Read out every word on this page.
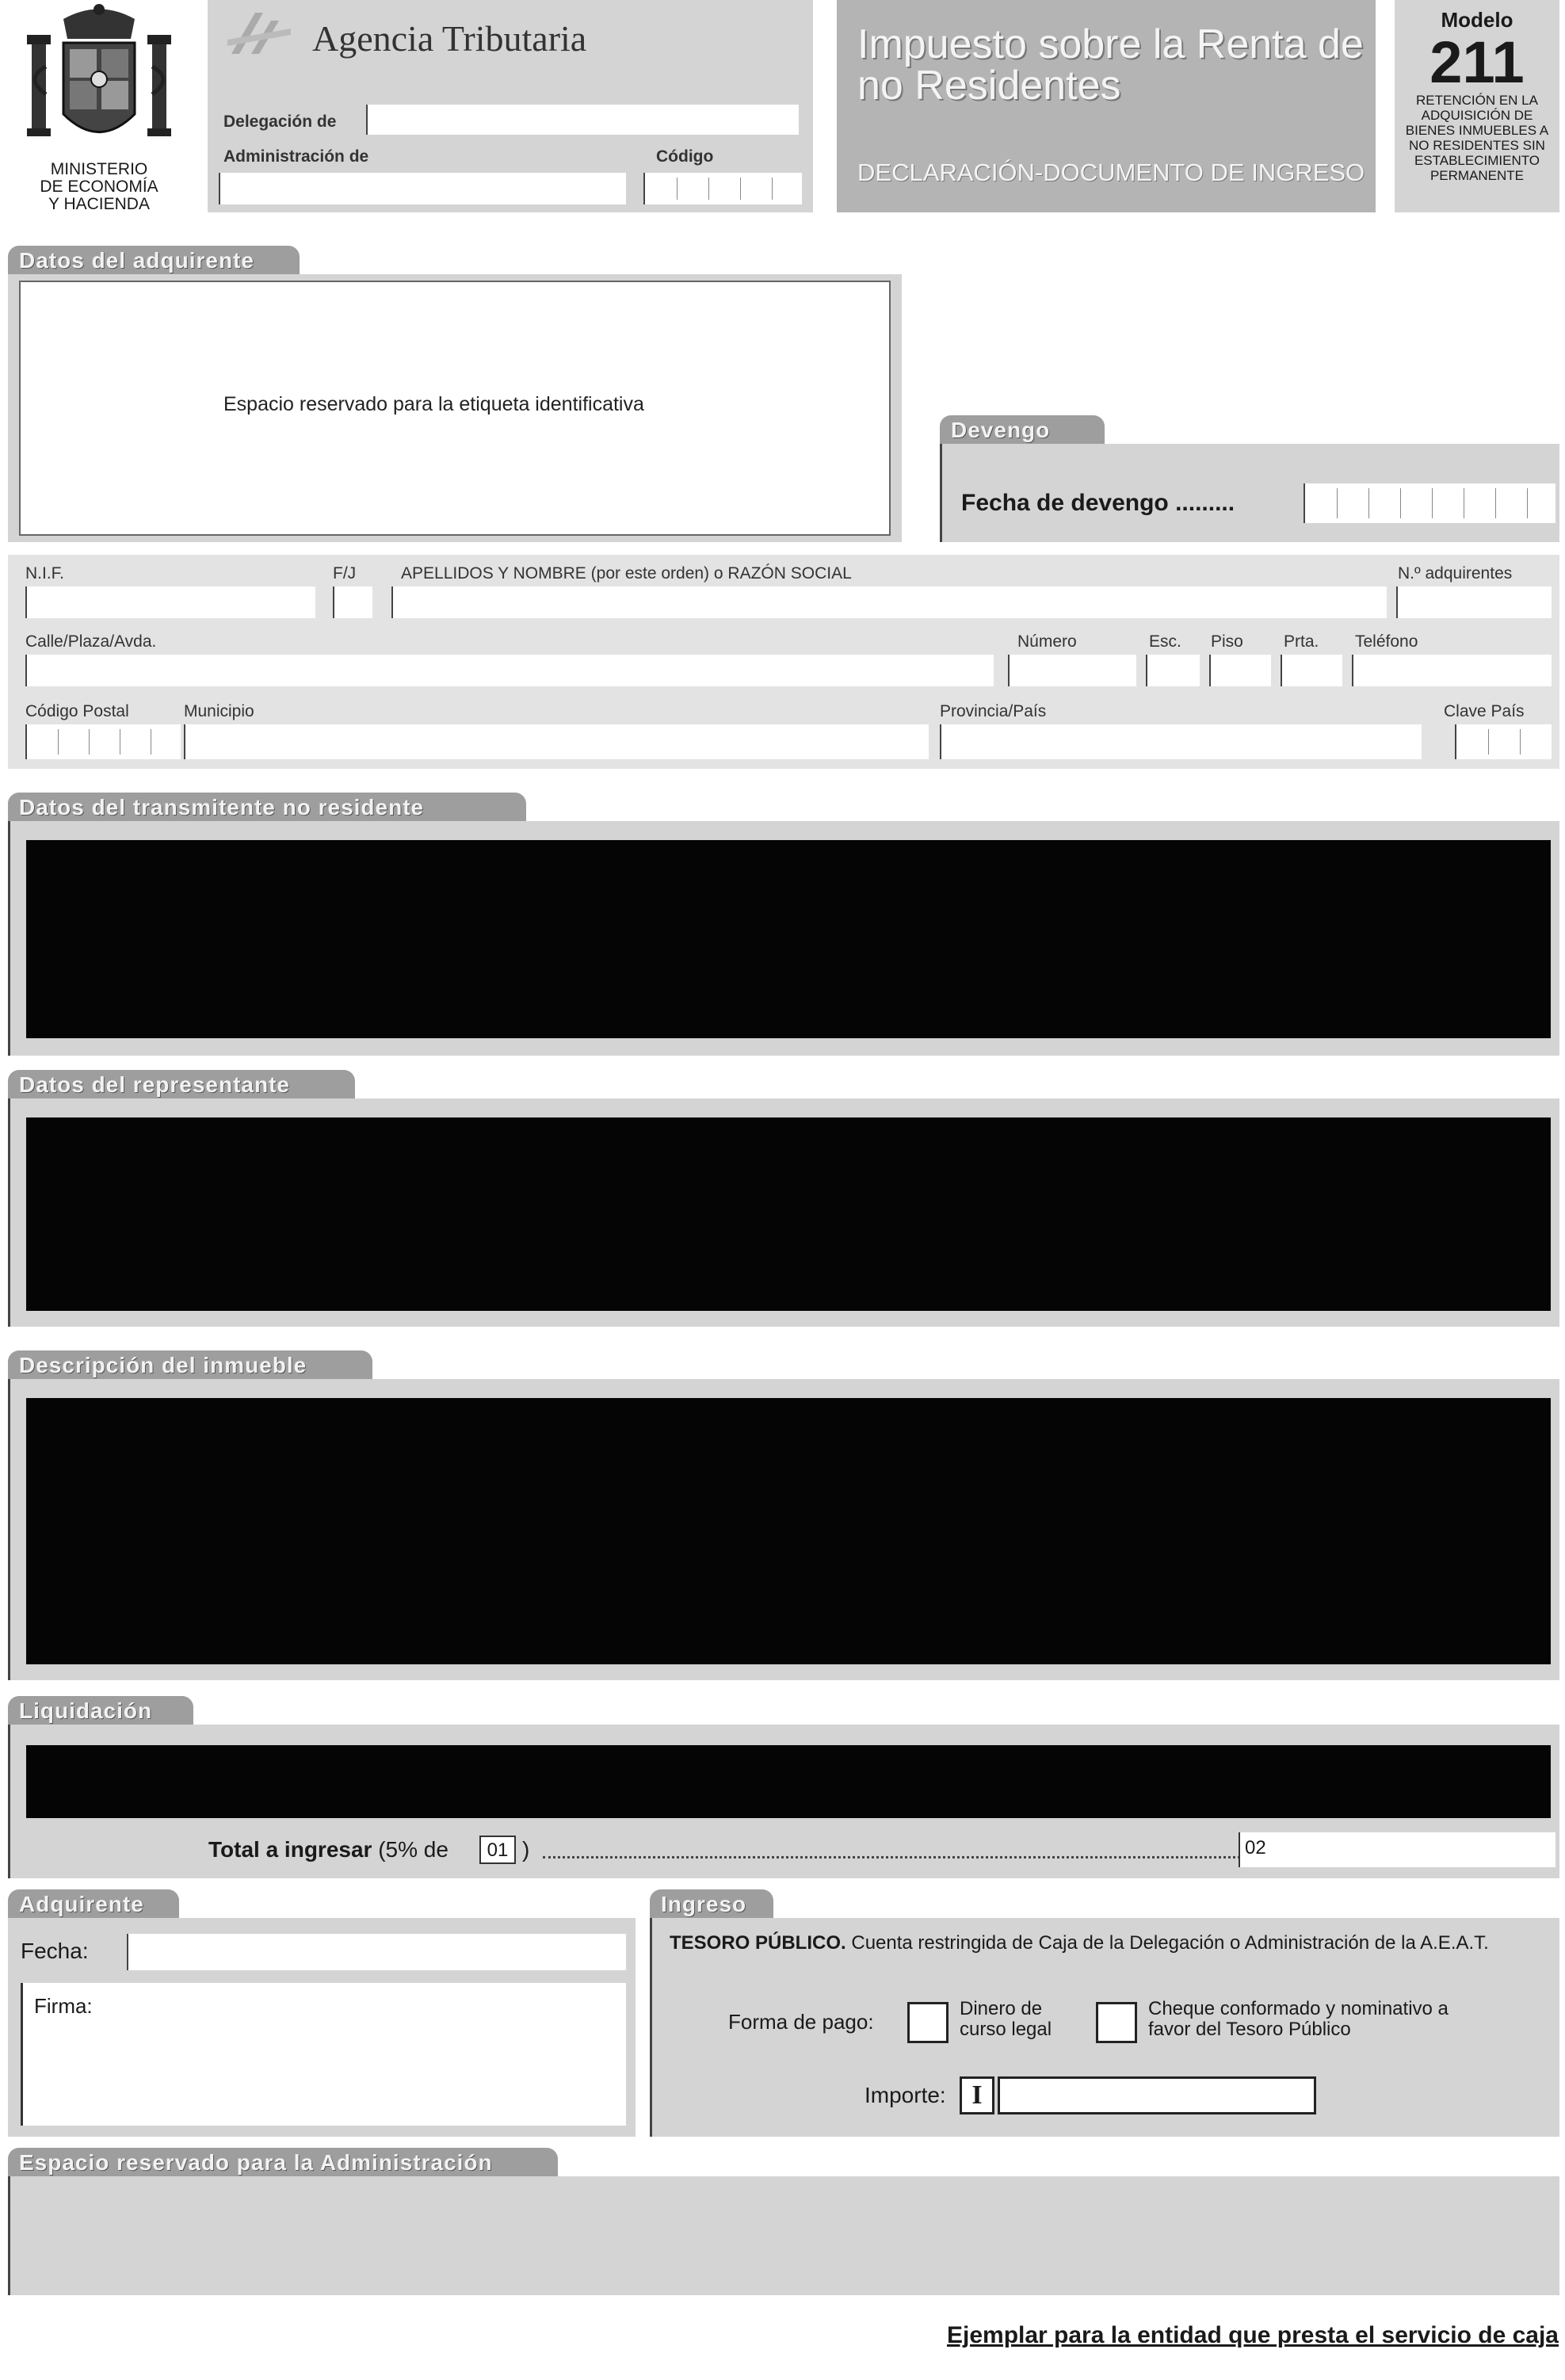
MINISTERIO
DE ECONOMÍA
Y HACIENDA
Agencia Tributaria
Delegación de
Administración de	Código
Impuesto sobre la Renta de no Residentes
DECLARACIÓN-DOCUMENTO DE INGRESO
Modelo
211
RETENCIÓN EN LA ADQUISICIÓN DE BIENES INMUEBLES A NO RESIDENTES SIN ESTABLECIMIENTO PERMANENTE
Datos del adquirente
Espacio reservado para la etiqueta identificativa
Devengo
Fecha de devengo .........
N.I.F.	F/J	APELLIDOS Y NOMBRE (por este orden) o RAZÓN SOCIAL	N.º adquirentes
Calle/Plaza/Avda.	Número	Esc. Piso Prta. Teléfono
Código Postal	Municipio	Provincia/País	Clave País
Datos del transmitente no residente
Datos del representante
Descripción del inmueble
Liquidación
Total a ingresar (5% de	01 )	02
Adquirente
Fecha:
Firma:
Ingreso
TESORO PÚBLICO. Cuenta restringida de Caja de la Delegación o Administración de la A.E.A.T.
Forma de pago:
Dinero de
curso legal
Cheque conformado y nominativo a
favor del Tesoro Público
Importe: I
Espacio reservado para la Administración
Ejemplar para la entidad que presta el servicio de caja
